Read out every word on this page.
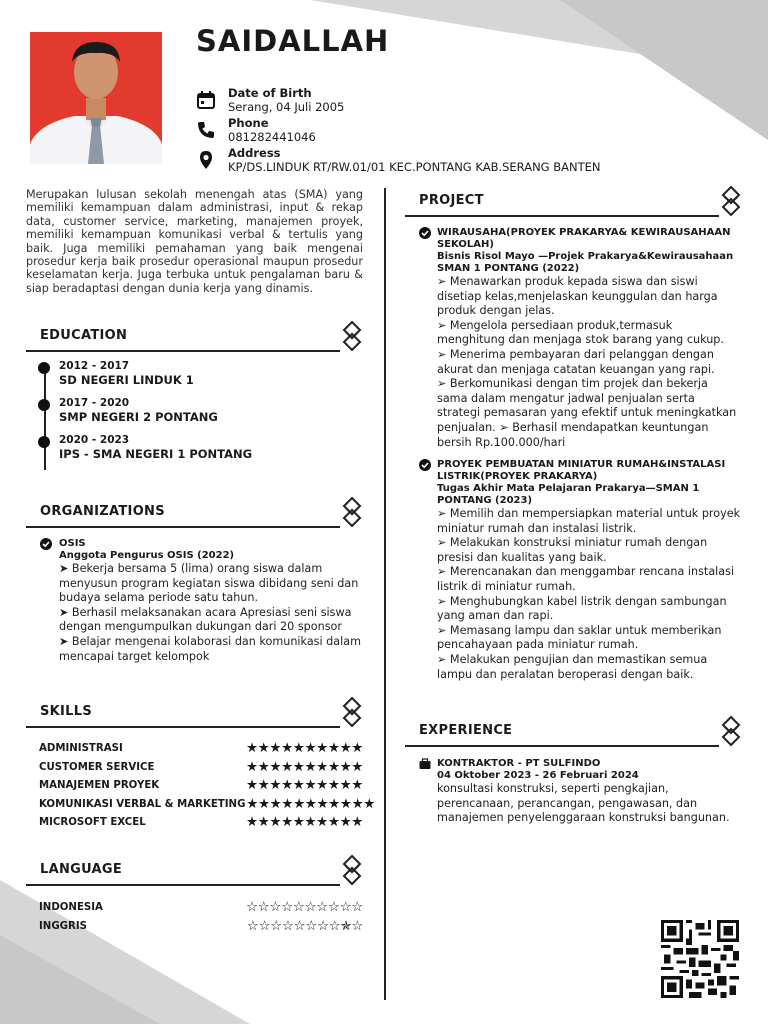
SAIDALLAH
Date of Birth
Serang, 04 Juli 2005
Phone
081282441046
Address
KP/DS.LINDUK RT/RW.01/01 KEC.PONTANG KAB.SERANG BANTEN
Merupakan lulusan sekolah menengah atas (SMA) yang memiliki kemampuan dalam administrasi, input & rekap data, customer service, marketing, manajemen proyek, memiliki kemampuan komunikasi verbal & tertulis yang baik. Juga memiliki pemahaman yang baik mengenai prosedur kerja baik prosedur operasional maupun prosedur keselamatan kerja. Juga terbuka untuk pengalaman baru & siap beradaptasi dengan dunia kerja yang dinamis.
EDUCATION
2012 - 2017
SD NEGERI LINDUK 1
2017 - 2020
SMP NEGERI 2 PONTANG
2020 - 2023
IPS - SMA NEGERI 1 PONTANG
ORGANIZATIONS
OSIS
Anggota Pengurus OSIS (2022)
➤ Bekerja bersama 5 (lima) orang siswa dalam menyusun program kegiatan siswa dibidang seni dan budaya selama periode satu tahun.
➤ Berhasil melaksanakan acara Apresiasi seni siswa dengan mengumpulkan dukungan dari 20 sponsor
➤ Belajar mengenai kolaborasi dan komunikasi dalam mencapai target kelompok
SKILLS
ADMINISTRASI	★★★★★★★★★★
CUSTOMER SERVICE	★★★★★★★★★★
MANAJEMEN PROYEK	★★★★★★★★★★
KOMUNIKASI VERBAL & MARKETING ★★★★★★★★★★★
MICROSOFT EXCEL	★★★★★★★★★★
LANGUAGE
INDONESIA	☆☆☆☆☆☆☆☆☆☆
INGGRIS	☆☆☆☆☆☆☆☆✯☆
PROJECT
WIRAUSAHA(PROYEK PRAKARYA& KEWIRAUSAHAAN SEKOLAH)
Bisnis Risol Mayo —Projek Prakarya&Kewirausahaan SMAN 1 PONTANG (2022)
➢ Menawarkan produk kepada siswa dan siswi disetiap kelas,menjelaskan keunggulan dan harga produk dengan jelas.
➢ Mengelola persediaan produk,termasuk menghitung dan menjaga stok barang yang cukup.
➢ Menerima pembayaran dari pelanggan dengan akurat dan menjaga catatan keuangan yang rapi.
➢ Berkomunikasi dengan tim projek dan bekerja sama dalam mengatur jadwal penjualan serta strategi pemasaran yang efektif untuk meningkatkan penjualan. ➢ Berhasil mendapatkan keuntungan bersih Rp.100.000/hari
PROYEK PEMBUATAN MINIATUR RUMAH&INSTALASI LISTRIK(PROYEK PRAKARYA)
Tugas Akhir Mata Pelajaran Prakarya—SMAN 1 PONTANG (2023)
➢ Memilih dan mempersiapkan material untuk proyek miniatur rumah dan instalasi listrik.
➢ Melakukan konstruksi miniatur rumah dengan presisi dan kualitas yang baik.
➢ Merencanakan dan menggambar rencana instalasi listrik di miniatur rumah.
➢ Menghubungkan kabel listrik dengan sambungan yang aman dan rapi.
➢ Memasang lampu dan saklar untuk memberikan pencahayaan pada miniatur rumah.
➢ Melakukan pengujian dan memastikan semua lampu dan peralatan beroperasi dengan baik.
EXPERIENCE
KONTRAKTOR - PT SULFINDO
04 Oktober 2023 - 26 Februari 2024
konsultasi konstruksi, seperti pengkajian, perencanaan, perancangan, pengawasan, dan manajemen penyelenggaraan konstruksi bangunan.
